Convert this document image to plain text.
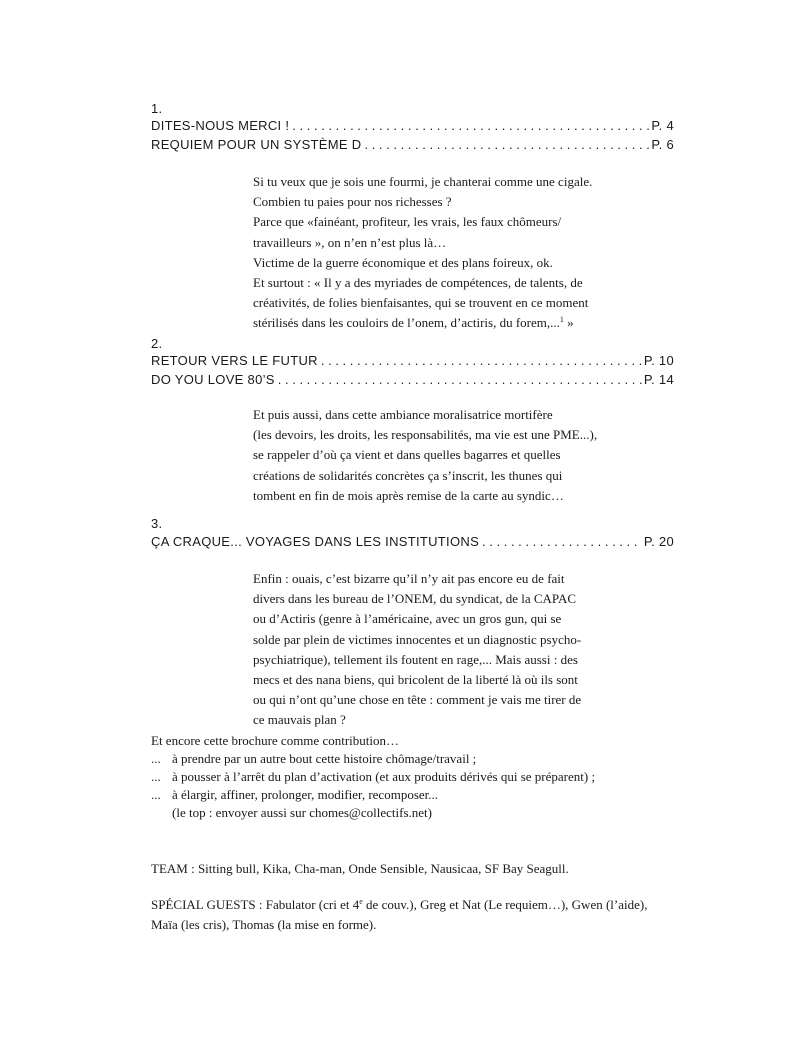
1.
DITES-NOUS MERCI ! . . .	P. 4
REQUIEM POUR UN SYSTÈME D . . .	P. 6
Si tu veux que je sois une fourmi, je chanterai comme une cigale.
Combien tu paies pour nos richesses ?
Parce que «fainéant, profiteur, les vrais, les faux chômeurs/
travailleurs », on n’en n’est plus là…
Victime de la guerre économique et des plans foireux, ok.
Et surtout : « Il y a des myriades de compétences, de talents, de
créativités, de folies bienfaisantes, qui se trouvent en ce moment
stérilisés dans les couloirs de l’onem, d’actiris, du forem,...$^1$ »
2.
RETOUR VERS LE FUTUR . . .	P. 10
DO YOU LOVE 80’S . . .	P. 14
Et puis aussi, dans cette ambiance moralisatrice mortifère
(les devoirs, les droits, les responsabilités, ma vie est une PME...),
se rappeler d’où ça vient et dans quelles bagarres et quelles
créations de solidarités concrètes ça s’inscrit, les thunes qui
tombent en fin de mois après remise de la carte au syndic…
3.
ÇA CRAQUE... VOYAGES DANS LES INSTITUTIONS . . .	P. 20
Enfin : ouais, c’est bizarre qu’il n’y ait pas encore eu de fait
divers dans les bureau de l’ONEM, du syndicat, de la CAPAC
ou d’Actiris (genre à l’américaine, avec un gros gun, qui se
solde par plein de victimes innocentes et un diagnostic psycho-
psychiatrique), tellement ils foutent en rage,... Mais aussi : des
mecs et des nana biens, qui bricolent de la liberté là où ils sont
ou qui n’ont qu’une chose en tête : comment je vais me tirer de
ce mauvais plan ?
Et encore cette brochure comme contribution…
... à prendre par un autre bout cette histoire chômage/travail ;
... à pousser à l’arrêt du plan d’activation (et aux produits dérivés qui se préparent) ;
... à élargir, affiner, prolonger, modifier, recomposer...
(le top : envoyer aussi sur chomes@collectifs.net)
TEAM : Sitting bull, Kika, Cha-man, Onde Sensible, Nausicaa, SF Bay Seagull.
SPÉCIAL GUESTS : Fabulator (cri et 4e de couv.), Greg et Nat (Le requiem…), Gwen (l’aide),
Maïa (les cris), Thomas (la mise en forme).
